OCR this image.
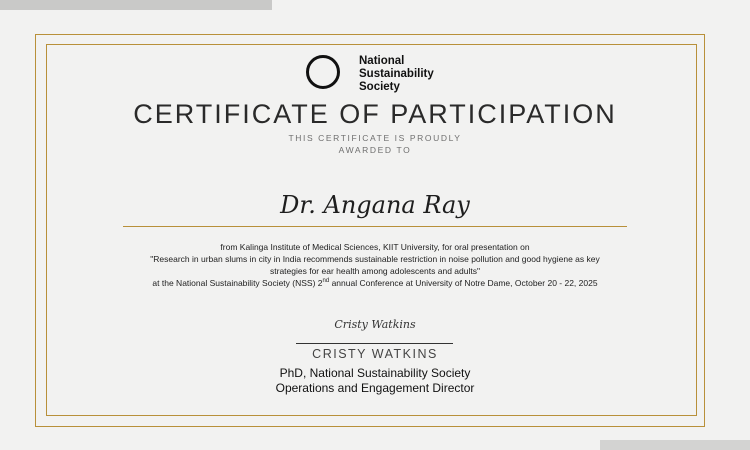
National
Sustainability
Society
CERTIFICATE OF PARTICIPATION
THIS CERTIFICATE IS PROUDLY
AWARDED TO
Dr. Angana Ray
from Kalinga Institute of Medical Sciences, KIIT University, for oral presentation on
"Research in urban slums in city in India recommends sustainable restriction in noise pollution and good hygiene as key
strategies for ear health among adolescents and adults"
at the National Sustainability Society (NSS) 2nd annual Conference at University of Notre Dame, October 20 - 22, 2025
Cristy Watkins
CRISTY WATKINS
PhD, National Sustainability Society
Operations and Engagement Director
